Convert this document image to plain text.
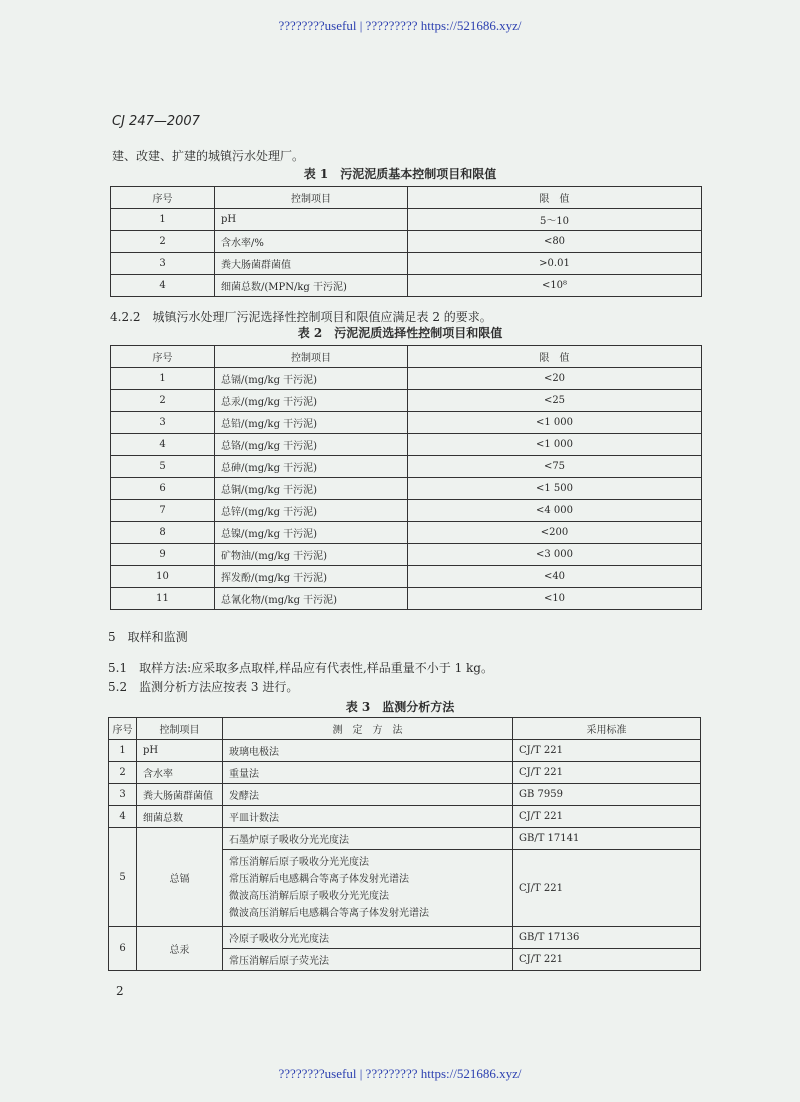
????????useful | ????????? https://521686.xyz/
CJ 247—2007
建、改建、扩建的城镇污水处理厂。
表 1　污泥泥质基本控制项目和限值
序号	控制项目	限　值
1	pH	5～10
2	含水率/%	<80
3	粪大肠菌群菌值	>0.01
4	细菌总数/(MPN/kg 干污泥)	<10⁸
4.2.2　城镇污水处理厂污泥选择性控制项目和限值应满足表 2 的要求。
表 2　污泥泥质选择性控制项目和限值
序号	控制项目	限　值
1	总镉/(mg/kg 干污泥)	<20
2	总汞/(mg/kg 干污泥)	<25
3	总铅/(mg/kg 干污泥)	<1 000
4	总铬/(mg/kg 干污泥)	<1 000
5	总砷/(mg/kg 干污泥)	<75
6	总铜/(mg/kg 干污泥)	<1 500
7	总锌/(mg/kg 干污泥)	<4 000
8	总镍/(mg/kg 干污泥)	<200
9	矿物油/(mg/kg 干污泥)	<3 000
10	挥发酚/(mg/kg 干污泥)	<40
11	总氰化物/(mg/kg 干污泥)	<10
5　取样和监测
5.1　取样方法:应采取多点取样,样品应有代表性,样品重量不小于 1 kg。
5.2　监测分析方法应按表 3 进行。
表 3　监测分析方法
序号	控制项目	测　定　方　法	采用标准
1	pH	玻璃电极法	CJ/T 221
2	含水率	重量法	CJ/T 221
3	粪大肠菌群菌值	发酵法	GB 7959
4	细菌总数	平皿计数法	CJ/T 221
5	总镉	石墨炉原子吸收分光光度法	GB/T 17141

		常压消解后原子吸收分光光度法
常压消解后电感耦合等离子体发射光谱法
微波高压消解后原子吸收分光光度法
微波高压消解后电感耦合等离子体发射光谱法	CJ/T 221
6	总汞	冷原子吸收分光光度法	GB/T 17136
		常压消解后原子荧光法	CJ/T 221
2
????????useful | ????????? https://521686.xyz/
